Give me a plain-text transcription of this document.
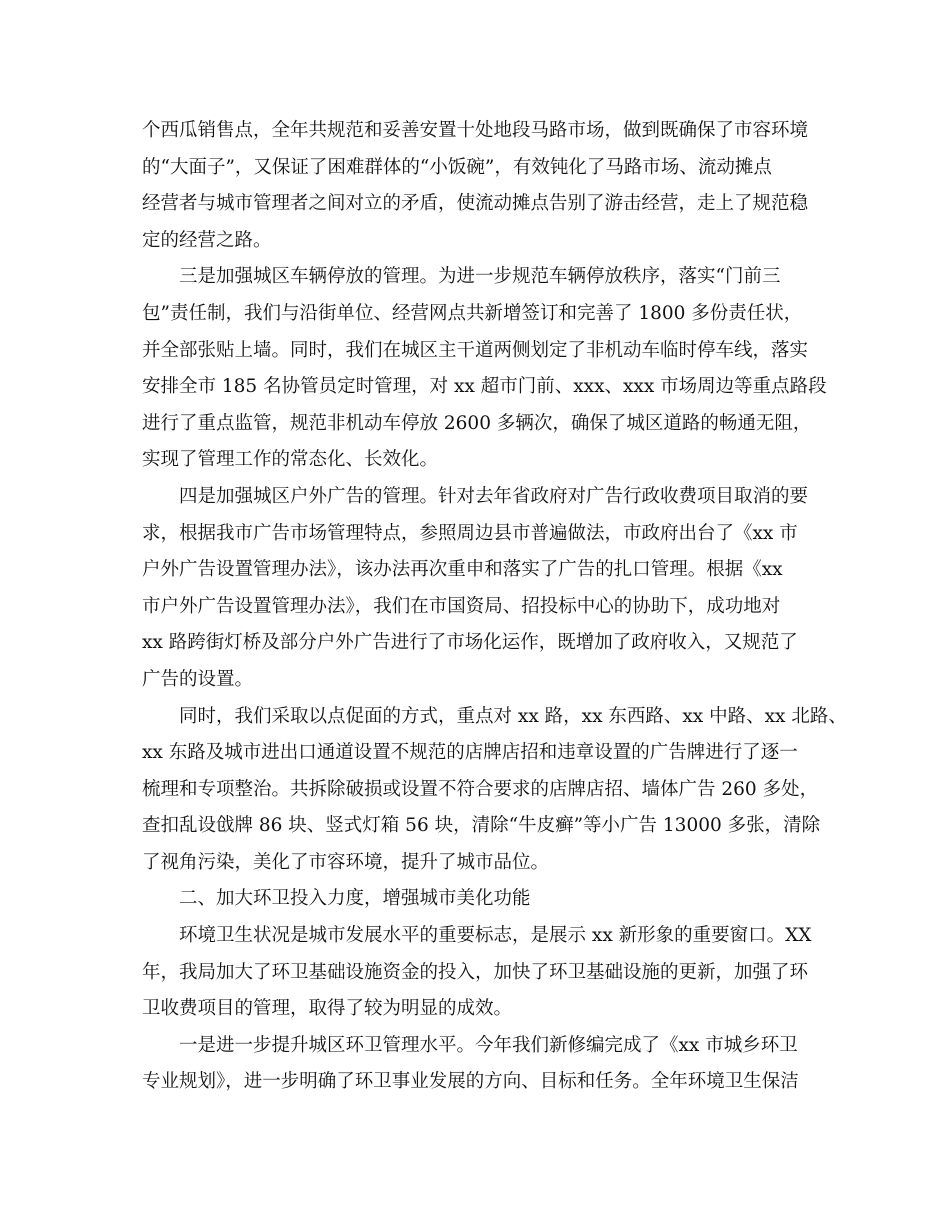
个西瓜销售点，全年共规范和妥善安置十处地段马路市场，做到既确保了市容环境
的“大面子”，又保证了困难群体的“小饭碗”，有效钝化了马路市场、流动摊点
经营者与城市管理者之间对立的矛盾，使流动摊点告别了游击经营，走上了规范稳
定的经营之路。
三是加强城区车辆停放的管理。为进一步规范车辆停放秩序，落实“门前三
包”责任制，我们与沿街单位、经营网点共新增签订和完善了 1800 多份责任状，
并全部张贴上墙。同时，我们在城区主干道两侧划定了非机动车临时停车线，落实
安排全市 185 名协管员定时管理，对 xx 超市门前、xxx、xxx 市场周边等重点路段
进行了重点监管，规范非机动车停放 2600 多辆次，确保了城区道路的畅通无阻，
实现了管理工作的常态化、长效化。
四是加强城区户外广告的管理。针对去年省政府对广告行政收费项目取消的要
求，根据我市广告市场管理特点，参照周边县市普遍做法，市政府出台了《xx 市
户外广告设置管理办法》，该办法再次重申和落实了广告的扎口管理。根据《xx
市户外广告设置管理办法》，我们在市国资局、招投标中心的协助下，成功地对
xx 路跨街灯桥及部分户外广告进行了市场化运作，既增加了政府收入，又规范了
广告的设置。
同时，我们采取以点促面的方式，重点对 xx 路，xx 东西路、xx 中路、xx 北路、
xx 东路及城市进出口通道设置不规范的店牌店招和违章设置的广告牌进行了逐一
梳理和专项整治。共拆除破损或设置不符合要求的店牌店招、墙体广告 260 多处，
查扣乱设戗牌 86 块、竖式灯箱 56 块，清除“牛皮癣”等小广告 13000 多张，清除
了视角污染，美化了市容环境，提升了城市品位。
二、加大环卫投入力度，增强城市美化功能
环境卫生状况是城市发展水平的重要标志，是展示 xx 新形象的重要窗口。XX
年，我局加大了环卫基础设施资金的投入，加快了环卫基础设施的更新，加强了环
卫收费项目的管理，取得了较为明显的成效。
一是进一步提升城区环卫管理水平。今年我们新修编完成了《xx 市城乡环卫
专业规划》，进一步明确了环卫事业发展的方向、目标和任务。全年环境卫生保洁
